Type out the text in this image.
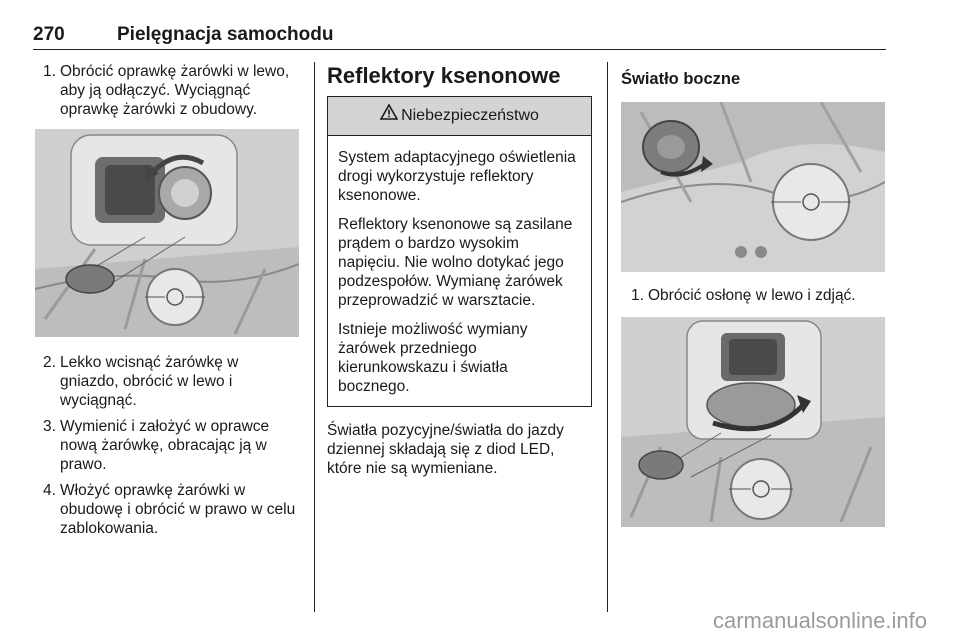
270	Pielęgnacja samochodu
1. Obrócić oprawkę żarówki w lewo, aby ją odłączyć. Wyciągnąć oprawkę żarówki z obudowy.
2. Lekko wcisnąć żarówkę w gniazdo, obrócić w lewo i wyciągnąć.
3. Wymienić i założyć w oprawce nową żarówkę, obracając ją w prawo.
4. Włożyć oprawkę żarówki w obudowę i obrócić w prawo w celu zablokowania.
Reflektory ksenonowe
Niebezpieczeństwo

System adaptacyjnego oświetlenia drogi wykorzystuje reflektory ksenonowe.

Reflektory ksenonowe są zasilane prądem o bardzo wysokim napięciu. Nie wolno dotykać jego podzespołów. Wymianę żarówek przeprowadzić w warsztacie.

Istnieje możliwość wymiany żarówek przedniego kierunkowskazu i światła bocznego.

Światła pozycyjne/światła do jazdy dziennej składają się z diod LED, które nie są wymieniane.

Światło boczne
1. Obrócić osłonę w lewo i zdjąć.
carmanualsonline.info
